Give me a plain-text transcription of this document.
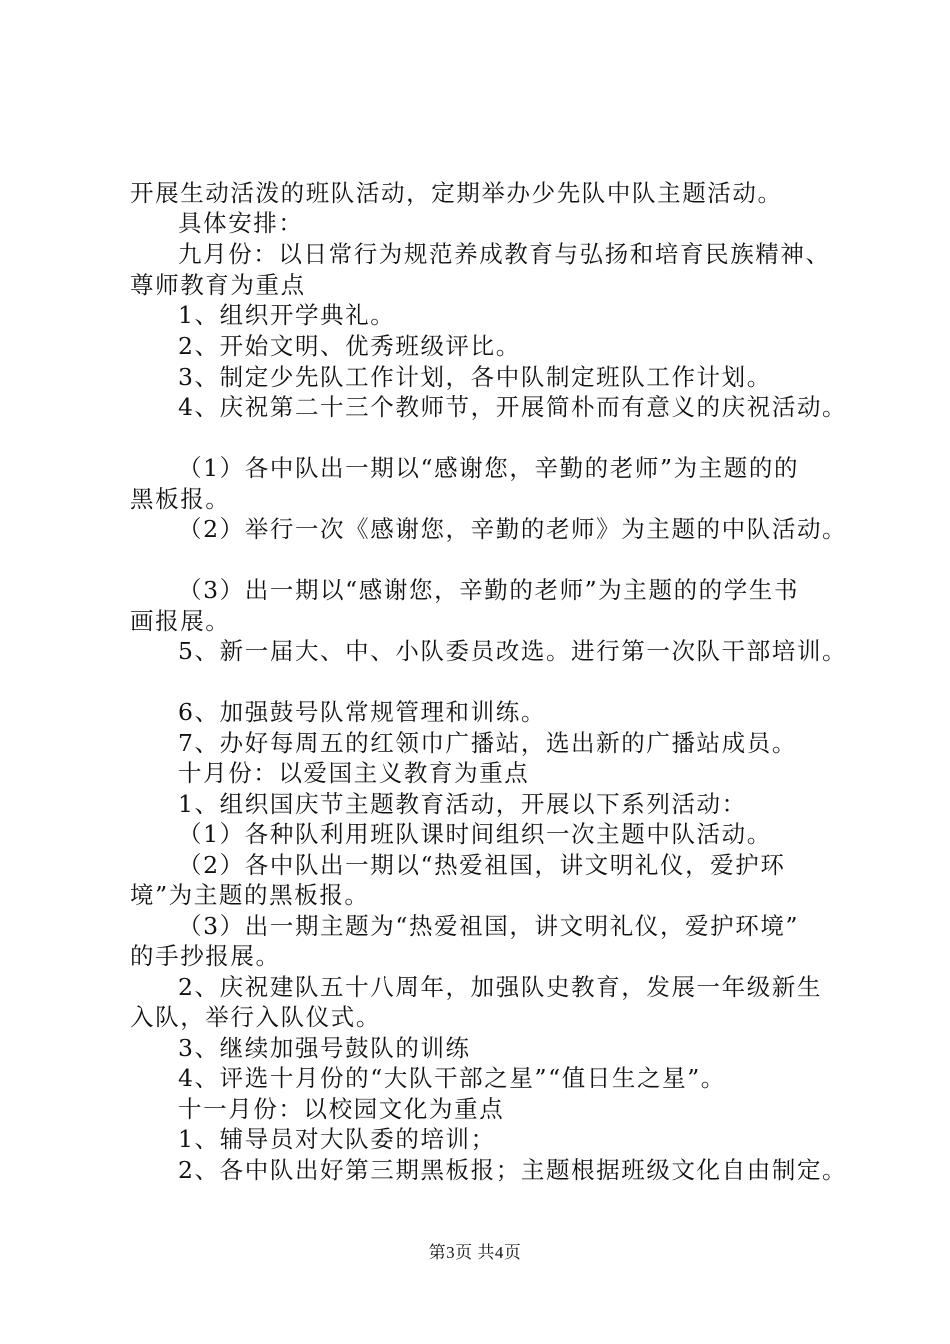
开展生动活泼的班队活动，定期举办少先队中队主题活动。
具体安排：
九月份：以日常行为规范养成教育与弘扬和培育民族精神、
尊师教育为重点
1、组织开学典礼。
2、开始文明、优秀班级评比。
3、制定少先队工作计划，各中队制定班队工作计划。
4、庆祝第二十三个教师节，开展简朴而有意义的庆祝活动。
（1）各中队出一期以“感谢您，辛勤的老师”为主题的的
黑板报。
（2）举行一次《感谢您，辛勤的老师》为主题的中队活动。
（3）出一期以“感谢您，辛勤的老师”为主题的的学生书
画报展。
5、新一届大、中、小队委员改选。进行第一次队干部培训。
6、加强鼓号队常规管理和训练。
7、办好每周五的红领巾广播站，选出新的广播站成员。
十月份：以爱国主义教育为重点
1、组织国庆节主题教育活动，开展以下系列活动：
（1）各种队利用班队课时间组织一次主题中队活动。
（2）各中队出一期以“热爱祖国，讲文明礼仪，爱护环
境”为主题的黑板报。
（3）出一期主题为“热爱祖国，讲文明礼仪，爱护环境”
的手抄报展。
2、庆祝建队五十八周年，加强队史教育，发展一年级新生
入队，举行入队仪式。
3、继续加强号鼓队的训练
4、评选十月份的“大队干部之星”“值日生之星”。
十一月份：以校园文化为重点
1、辅导员对大队委的培训；
2、各中队出好第三期黑板报；主题根据班级文化自由制定。
第3页 共4页
